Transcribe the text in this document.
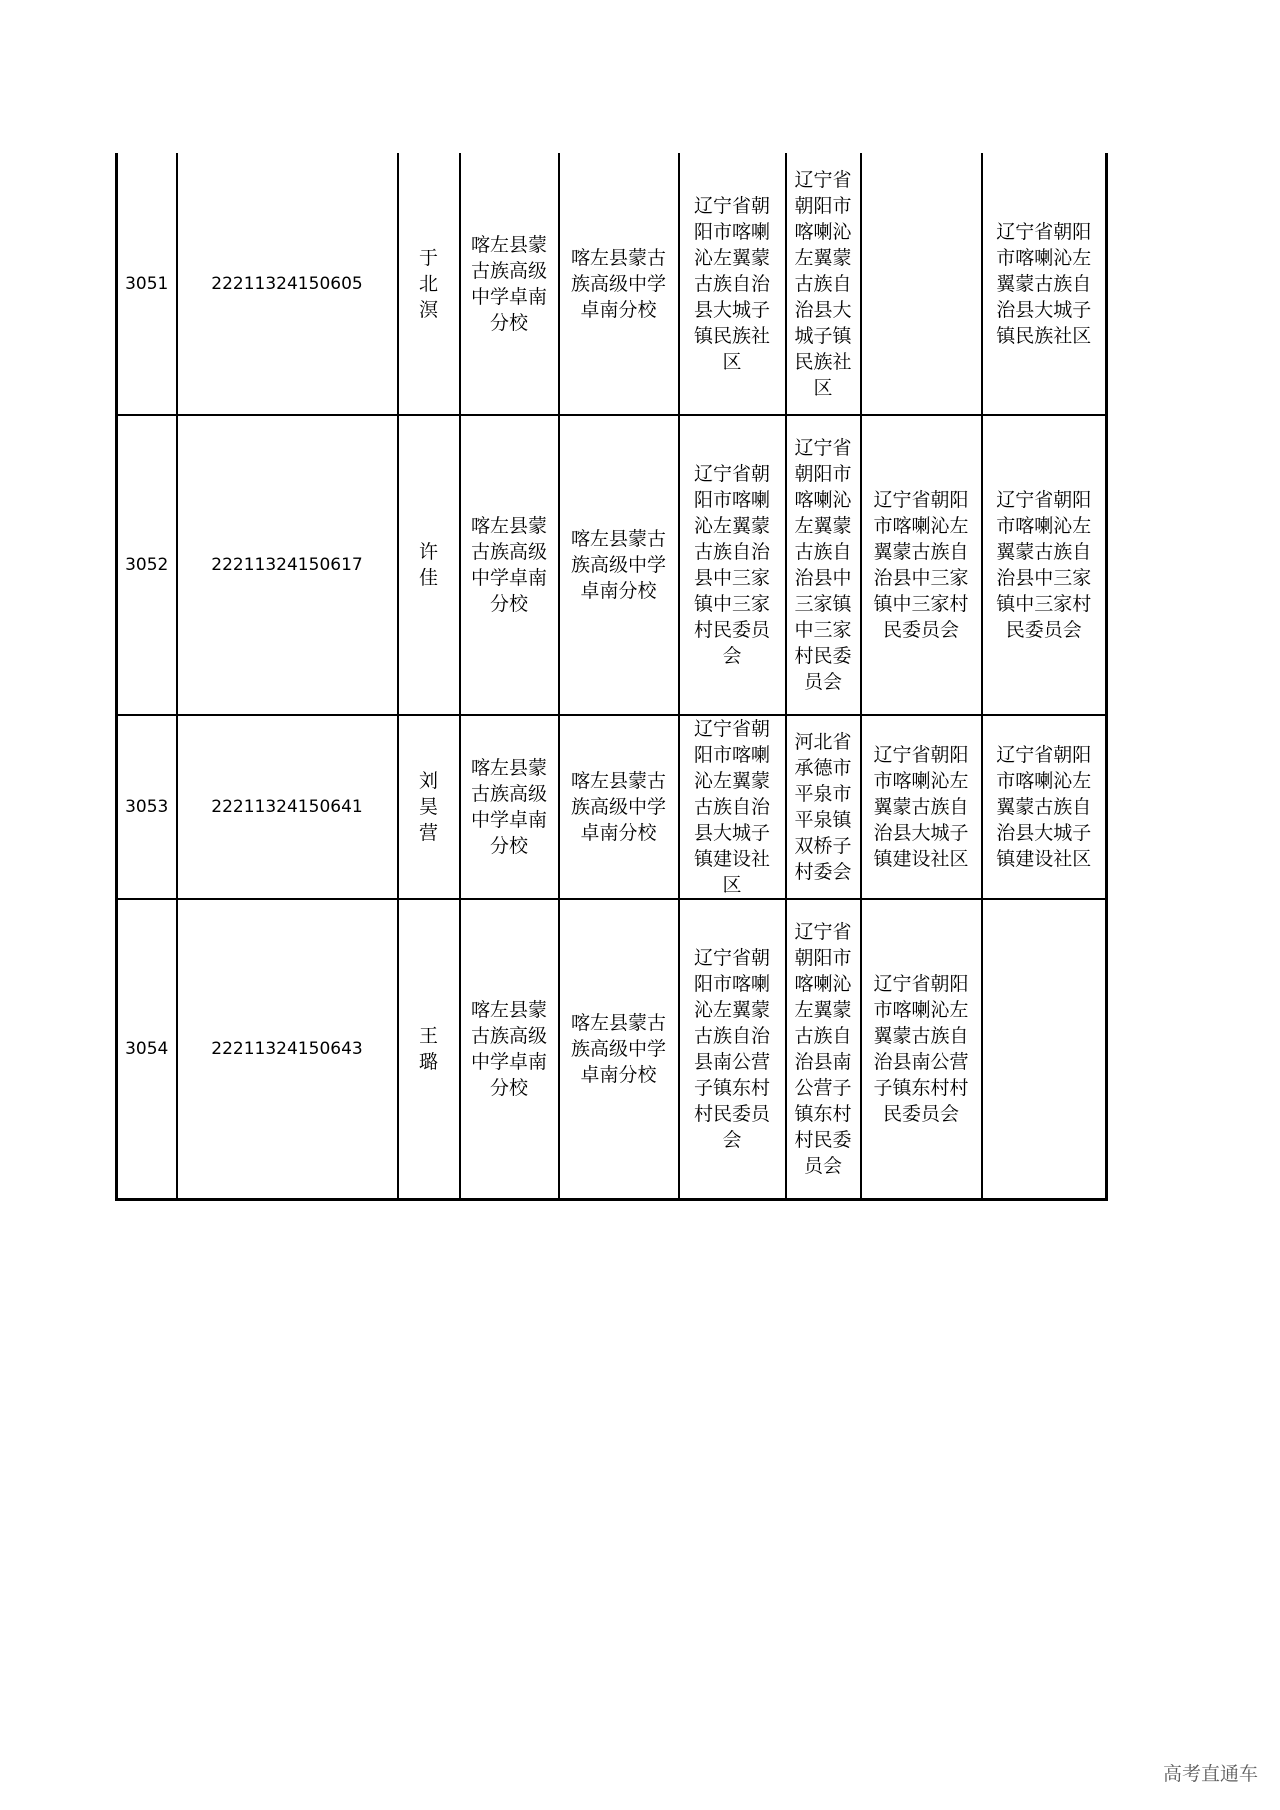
3051	22211324150605	于北溟	喀左县蒙古族高级中学卓南分校	喀左县蒙古族高级中学卓南分校	辽宁省朝阳市喀喇沁左翼蒙古族自治县大城子镇民族社区	辽宁省朝阳市喀喇沁左翼蒙古族自治县大城子镇民族社区		辽宁省朝阳市喀喇沁左翼蒙古族自治县大城子镇民族社区

3052	22211324150617	许佳	喀左县蒙古族高级中学卓南分校	喀左县蒙古族高级中学卓南分校	辽宁省朝阳市喀喇沁左翼蒙古族自治县中三家镇中三家村民委员会	辽宁省朝阳市喀喇沁左翼蒙古族自治县中三家镇中三家村民委员会	辽宁省朝阳市喀喇沁左翼蒙古族自治县中三家镇中三家村民委员会	辽宁省朝阳市喀喇沁左翼蒙古族自治县中三家镇中三家村民委员会

3053	22211324150641	刘昊营	喀左县蒙古族高级中学卓南分校	喀左县蒙古族高级中学卓南分校	辽宁省朝阳市喀喇沁左翼蒙古族自治县大城子镇建设社区	河北省承德市平泉市平泉镇双桥子村委会	辽宁省朝阳市喀喇沁左翼蒙古族自治县大城子镇建设社区	辽宁省朝阳市喀喇沁左翼蒙古族自治县大城子镇建设社区

3054	22211324150643	王璐	喀左县蒙古族高级中学卓南分校	喀左县蒙古族高级中学卓南分校	辽宁省朝阳市喀喇沁左翼蒙古族自治县南公营子镇东村村民委员会	辽宁省朝阳市喀喇沁左翼蒙古族自治县南公营子镇东村村民委员会	辽宁省朝阳市喀喇沁左翼蒙古族自治县南公营子镇东村村民委员会	

高考直通车
